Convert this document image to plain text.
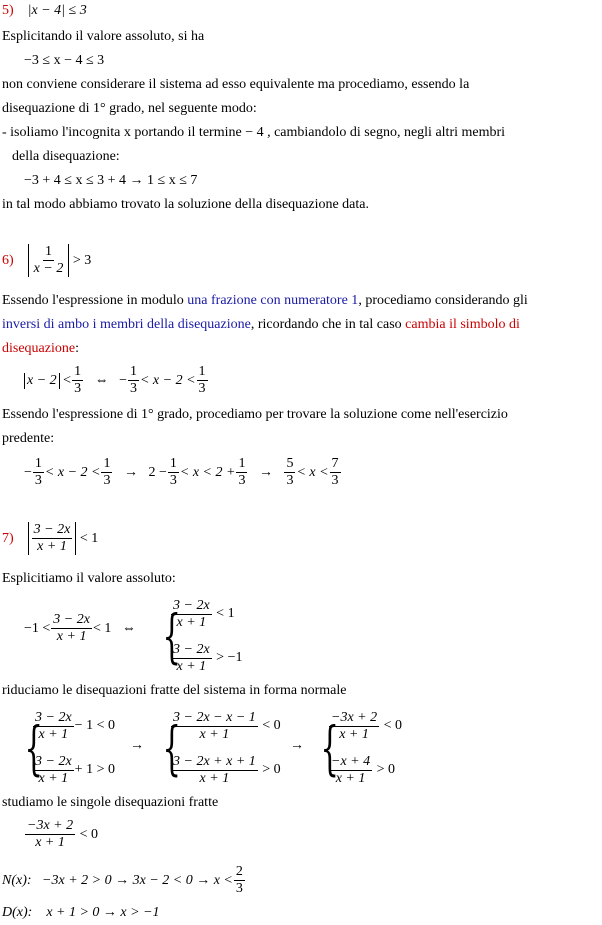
5) |x − 4| ≤ 3
Esplicitando il valore assoluto, si ha
−3 ≤ x − 4 ≤ 3
non conviene considerare il sistema ad esso equivalente ma procediamo, essendo la
disequazione di 1° grado, nel seguente modo:
- isoliamo l'incognita x portando il termine − 4 , cambiandolo di segno, negli altri membri
della disequazione:
−3 + 4 ≤ x ≤ 3 + 4 → 1 ≤ x ≤ 7
in tal modo abbiamo trovato la soluzione della disequazione data.
6)
$\frac{1}{x - 2}$
> 3
Essendo l'espressione in modulo una frazione con numeratore 1, procediamo considerando gli
inversi di ambo i membri della disequazione, ricordando che in tal caso cambia il simbolo di
disequazione:
x − 2
< $\frac{1}{3}$
⇔ − $\frac{1}{3} < x - 2 < \frac{1}{3}$
Essendo l'espressione di 1° grado, procediamo per trovare la soluzione come nell'esercizio
predente:
− $\frac{1}{3} < x - 2 < \frac{1}{3}$
→
$2 - \frac{1}{3} < x < 2 + \frac{1}{3}$
→
$\frac{5}{3} < x < \frac{7}{3}$
7)
$\frac{3 - 2x}{x + 1}$
< 1
Esplicitiamo il valore assoluto:
$-1 < \frac{3 - 2x}{x + 1} < 1$
⇔
{
$\frac{3 - 2x}{x + 1}$
< 1
$\frac{3 - 2x}{x + 1}$
> −1
riduciamo le disequazioni fratte del sistema in forma normale
{
$\frac{3 - 2x}{x + 1} - 1 < 0$
$\frac{3 - 2x}{x + 1} + 1 > 0$
→ {
$\frac{3 - 2x - x - 1}{x + 1}$
< 0
$\frac{3 - 2x + x + 1}{x + 1}$
> 0
→ {
$\frac{-3x + 2}{x + 1}$
< 0
$\frac{-x + 4}{x + 1}$
> 0
studiamo le singole disequazioni fratte
$\frac{-3x + 2}{x + 1}$
< 0
N(x):
$-3x + 2 > 0 \to 3x - 2 < 0 \to x < \frac{2}{3}$
D(x): x + 1 > 0 → x > −1
